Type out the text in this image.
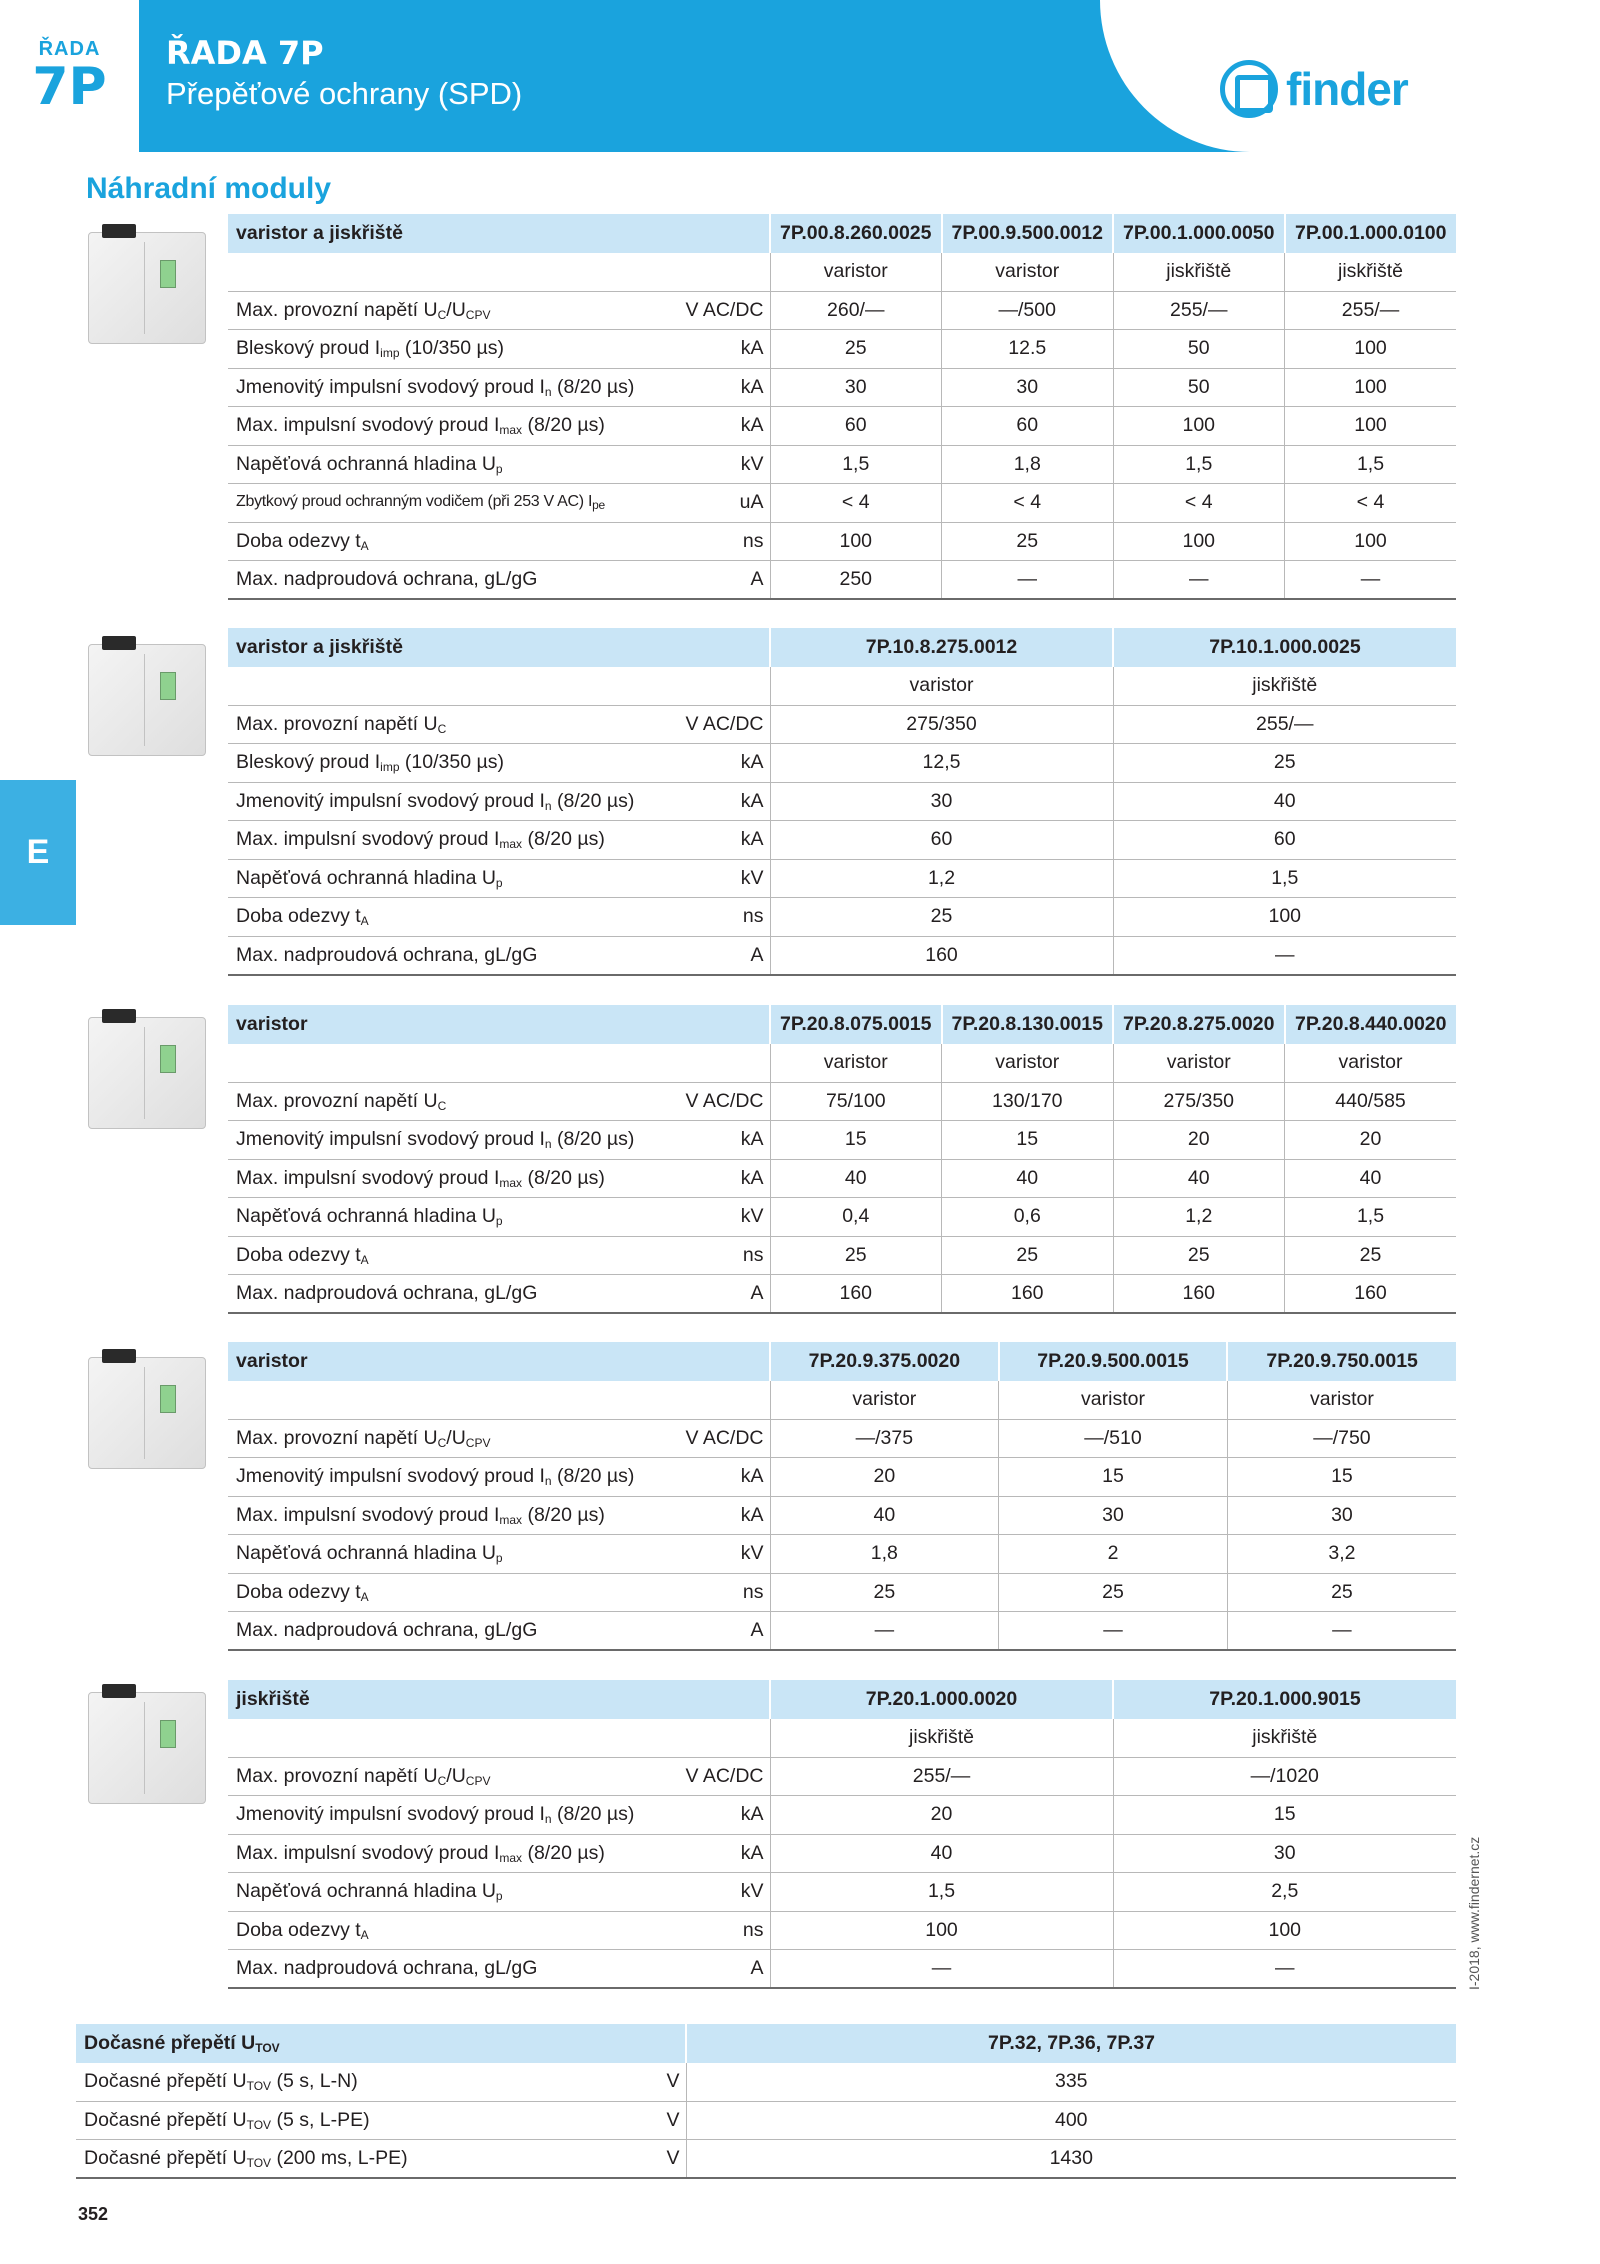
ŘADA
7P
ŘADA 7P
Přepěťové ochrany (SPD)	finder
Náhradní moduly
E
varistor a jiskřiště		7P.00.8.260.0025	7P.00.9.500.0012	7P.00.1.000.0050	7P.00.1.000.0100
		varistor	varistor	jiskřiště	jiskřiště
Max. provozní napětí $U_C/U_{CPV}$	V AC/DC	260/—	—/500	255/—	255/—
Bleskový proud $I_{imp}$ (10/350 µs)	kA	25	12.5	50	100
Jmenovitý impulsní svodový proud $I_n$ (8/20 µs)	kA	30	30	50	100
Max. impulsní svodový proud $I_{max}$ (8/20 µs)	kA	60	60	100	100
Napěťová ochranná hladina $U_p$	kV	1,5	1,8	1,5	1,5
Zbytkový proud ochranným vodičem (při 253 V AC) $I_{pe}$	uA	< 4	< 4	< 4	< 4
Doba odezvy $t_A$	ns	100	25	100	100
Max. nadproudová ochrana, gL/gG	A	250	—	—	—
varistor a jiskřiště		7P.10.8.275.0012	7P.10.1.000.0025
		varistor	jiskřiště
Max. provozní napětí $U_C$	V AC/DC	275/350	255/—
Bleskový proud $I_{imp}$ (10/350 µs)	kA	12,5	25
Jmenovitý impulsní svodový proud $I_n$ (8/20 µs)	kA	30	40
Max. impulsní svodový proud $I_{max}$ (8/20 µs)	kA	60	60
Napěťová ochranná hladina $U_p$	kV	1,2	1,5
Doba odezvy $t_A$	ns	25	100
Max. nadproudová ochrana, gL/gG	A	160	—
varistor		7P.20.8.075.0015	7P.20.8.130.0015	7P.20.8.275.0020	7P.20.8.440.0020
		varistor	varistor	varistor	varistor
Max. provozní napětí $U_C$	V AC/DC	75/100	130/170	275/350	440/585
Jmenovitý impulsní svodový proud $I_n$ (8/20 µs)	kA	15	15	20	20
Max. impulsní svodový proud $I_{max}$ (8/20 µs)	kA	40	40	40	40
Napěťová ochranná hladina $U_p$	kV	0,4	0,6	1,2	1,5
Doba odezvy $t_A$	ns	25	25	25	25
Max. nadproudová ochrana, gL/gG	A	160	160	160	160
varistor		7P.20.9.375.0020	7P.20.9.500.0015	7P.20.9.750.0015
		varistor	varistor	varistor
Max. provozní napětí $U_C/U_{CPV}$	V AC/DC	—/375	—/510	—/750
Jmenovitý impulsní svodový proud $I_n$ (8/20 µs)	kA	20	15	15
Max. impulsní svodový proud $I_{max}$ (8/20 µs)	kA	40	30	30
Napěťová ochranná hladina $U_p$	kV	1,8	2	3,2
Doba odezvy $t_A$	ns	25	25	25
Max. nadproudová ochrana, gL/gG	A	—	—	—
jiskřiště		7P.20.1.000.0020	7P.20.1.000.9015
		jiskřiště	jiskřiště
Max. provozní napětí $U_C/U_{CPV}$	V AC/DC	255/—	—/1020
Jmenovitý impulsní svodový proud $I_n$ (8/20 µs)	kA	20	15
Max. impulsní svodový proud $I_{max}$ (8/20 µs)	kA	40	30
Napěťová ochranná hladina $U_p$	kV	1,5	2,5
Doba odezvy $t_A$	ns	100	100
Max. nadproudová ochrana, gL/gG	A	—	—
Dočasné přepětí $U_{TOV}$		7P.32, 7P.36, 7P.37
Dočasné přepětí $U_{TOV}$ (5 s, L-N)	V	335
Dočasné přepětí $U_{TOV}$ (5 s, L-PE)	V	400
Dočasné přepětí $U_{TOV}$ (200 ms, L-PE)	V	1430
I-2018, www.findernet.cz
352
